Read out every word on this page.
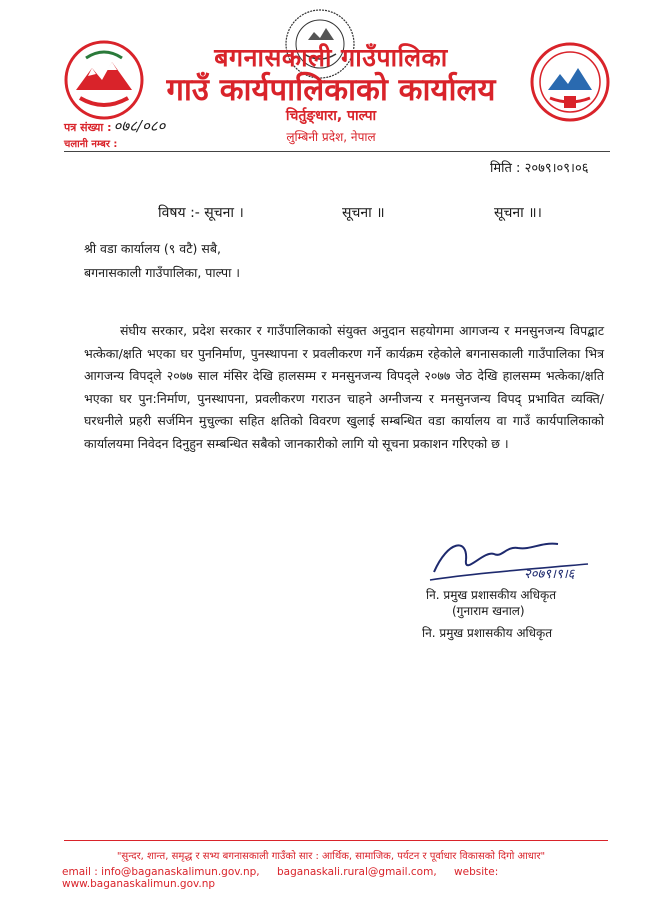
बगनासकाली गाउँपालिका
गाउँ कार्यपालिकाको कार्यालय
चिर्तुङ्धारा, पाल्पा
लुम्बिनी प्रदेश, नेपाल
पत्र संख्या : ०७८/०८०
चलानी नम्बर :
मिति : २०७९।०९।०६
विषय :- सूचना ।	सूचना ॥	सूचना ॥।
श्री वडा कार्यालय (९ वटै) सबै,
बगनासकाली गाउँपालिका, पाल्पा ।
संघीय सरकार, प्रदेश सरकार र गाउँपालिकाको संयुक्त अनुदान सहयोगमा आगजन्य र मनसुनजन्य विपद्बाट भत्केका/क्षति भएका घर पुननिर्माण, पुनस्थापना र प्रवलीकरण गर्ने कार्यक्रम रहेकोले बगनासकाली गाउँपालिका भित्र आगजन्य विपद्ले २०७७ साल मंसिर देखि हालसम्म र मनसुनजन्य विपद्ले २०७७ जेठ देखि हालसम्म भत्केका/क्षति भएका घर पुन:निर्माण, पुनस्थापना, प्रवलीकरण गराउन चाहने अग्नीजन्य र मनसुनजन्य विपद् प्रभावित व्यक्ति/घरधनीले प्रहरी सर्जमिन मुचुल्का सहित क्षतिको विवरण खुलाई सम्बन्धित वडा कार्यालय वा गाउँ कार्यपालिकाको कार्यालयमा निवेदन दिनुहुन सम्बन्धित सबैको जानकारीको लागि यो सूचना प्रकाशन गरिएको छ ।
२०७९।९।६
नि. प्रमुख प्रशासकीय अधिकृत
(गुनाराम खनाल)
नि. प्रमुख प्रशासकीय अधिकृत
"सुन्दर, शान्त, समृद्ध र सभ्य बगनासकाली गाउँको सार : आर्थिक, सामाजिक, पर्यटन र पूर्वाधार विकासको दिगो आधार"
email : info@baganaskalimun.gov.np, baganaskali.rural@gmail.com, website: www.baganaskalimun.gov.np
